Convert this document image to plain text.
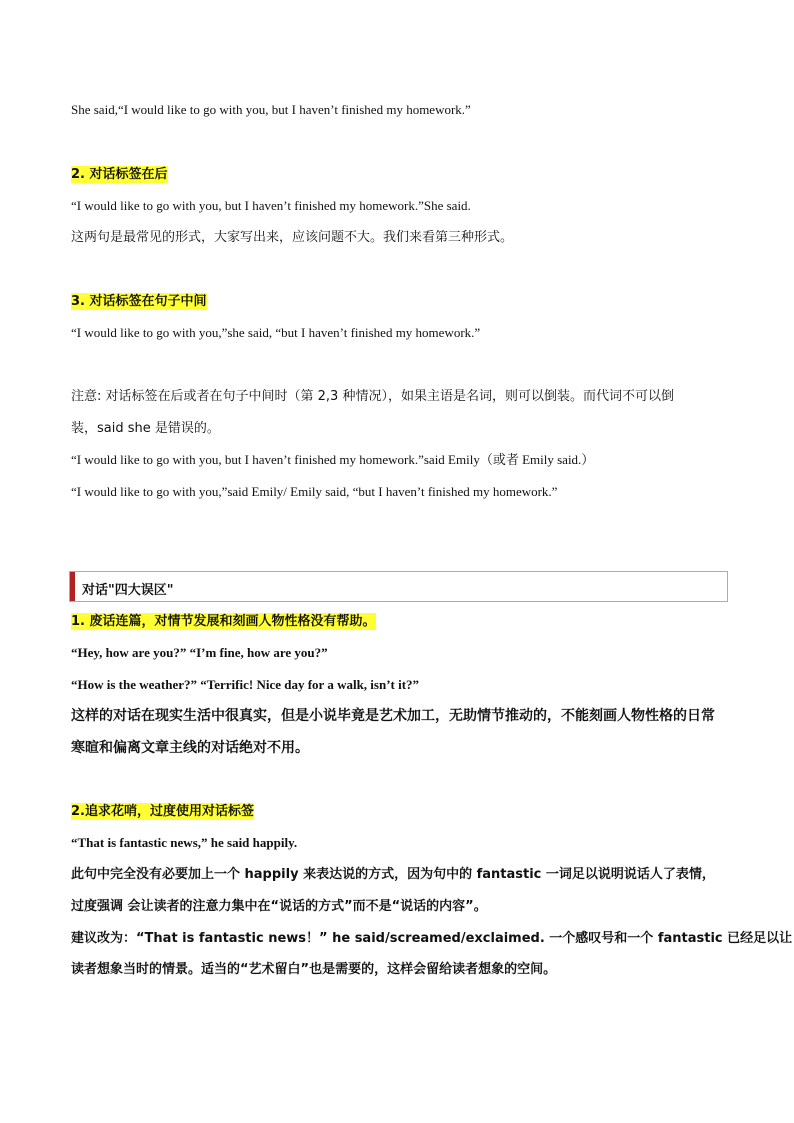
She said,“I would like to go with you, but I haven’t finished my homework.”
2. 对话标签在后
“I would like to go with you, but I haven’t finished my homework.”She said.
这两句是最常见的形式，大家写出来，应该问题不大。我们来看第三种形式。
3. 对话标签在句子中间
“I would like to go with you,”she said, “but I haven’t finished my homework.”
注意: 对话标签在后或者在句子中间时（第 2,3 种情况），如果主语是名词，则可以倒装。而代词不可以倒
装，said she 是错误的。
“I would like to go with you, but I haven’t finished my homework.”said Emily（或者 Emily said.）
“I would like to go with you,”said Emily/ Emily said, “but I haven’t finished my homework.”
对话"四大误区"
1. 废话连篇，对情节发展和刻画人物性格没有帮助。
“Hey, how are you?” “I’m fine, how are you?”
“How is the weather?” “Terrific! Nice day for a walk, isn’t it?”
这样的对话在现实生活中很真实，但是小说毕竟是艺术加工，无助情节推动的，不能刻画人物性格的日常
寒暄和偏离文章主线的对话绝对不用。
2.追求花哨，过度使用对话标签
“That is fantastic news,” he said happily.
此句中完全没有必要加上一个 happily 来表达说的方式，因为句中的 fantastic 一词足以说明说话人了表情，
过度强调 会让读者的注意力集中在“说话的方式”而不是“说话的内容”。
建议改为：“That is fantastic news！” he said/screamed/exclaimed. 一个感叹号和一个 fantastic 已经足以让
读者想象当时的情景。适当的“艺术留白”也是需要的，这样会留给读者想象的空间。
